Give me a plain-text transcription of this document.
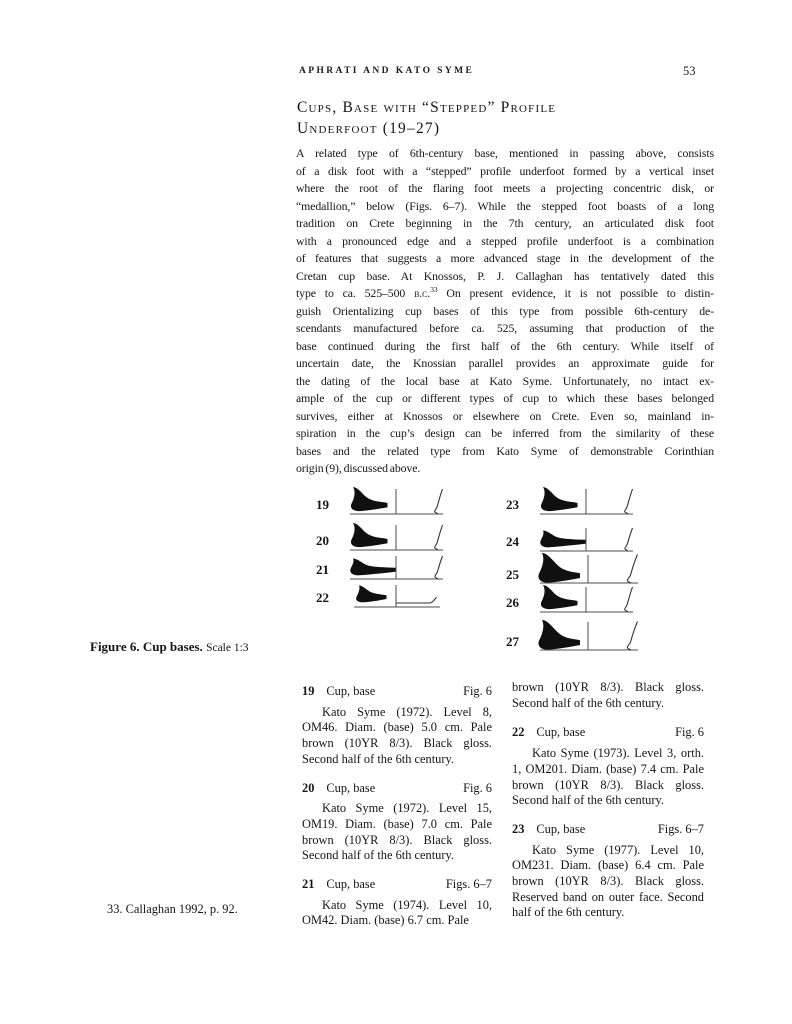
APHRATI AND KATO SYME	53
Cups, Base with “Stepped” Profile
Underfoot (19–27)
A related type of 6th-century base, mentioned in passing above, consists
of a disk foot with a “stepped” profile underfoot formed by a vertical inset
where the root of the flaring foot meets a projecting concentric disk, or
“medallion,” below (Figs. 6–7). While the stepped foot boasts of a long
tradition on Crete beginning in the 7th century, an articulated disk foot
with a pronounced edge and a stepped profile underfoot is a combination
of features that suggests a more advanced stage in the development of the
Cretan cup base. At Knossos, P. J. Callaghan has tentatively dated this
type to ca. 525–500 b.c.$^{33}$ On present evidence, it is not possible to distin-
guish Orientalizing cup bases of this type from possible 6th-century de-
scendants manufactured before ca. 525, assuming that production of the
base continued during the first half of the 6th century. While itself of
uncertain date, the Knossian parallel provides an approximate guide for
the dating of the local base at Kato Syme. Unfortunately, no intact ex-
ample of the cup or different types of cup to which these bases belonged
survives, either at Knossos or elsewhere on Crete. Even so, mainland in-
spiration in the cup’s design can be inferred from the similarity of these
bases and the related type from Kato Syme of demonstrable Corinthian
origin (9), discussed above.
Figure 6. Cup bases. Scale 1:3
19
20
21
22
23
24
25
26
27
19 Cup, base	Fig. 6
Kato Syme (1972). Level 8, OM46. Diam. (base) 5.0 cm. Pale brown (10YR 8/3). Black gloss. Second half of the 6th century.
20 Cup, base	Fig. 6
Kato Syme (1972). Level 15, OM19. Diam. (base) 7.0 cm. Pale brown (10YR 8/3). Black gloss. Second half of the 6th century.
21 Cup, base	Figs. 6–7
Kato Syme (1974). Level 10, OM42. Diam. (base) 6.7 cm. Pale
brown (10YR 8/3). Black gloss. Second half of the 6th century.
22 Cup, base	Fig. 6
Kato Syme (1973). Level 3, orth. 1, OM201. Diam. (base) 7.4 cm. Pale brown (10YR 8/3). Black gloss. Second half of the 6th century.
23 Cup, base	Figs. 6–7
Kato Syme (1977). Level 10, OM231. Diam. (base) 6.4 cm. Pale brown (10YR 8/3). Black gloss. Reserved band on outer face. Second half of the 6th century.
33. Callaghan 1992, p. 92.
